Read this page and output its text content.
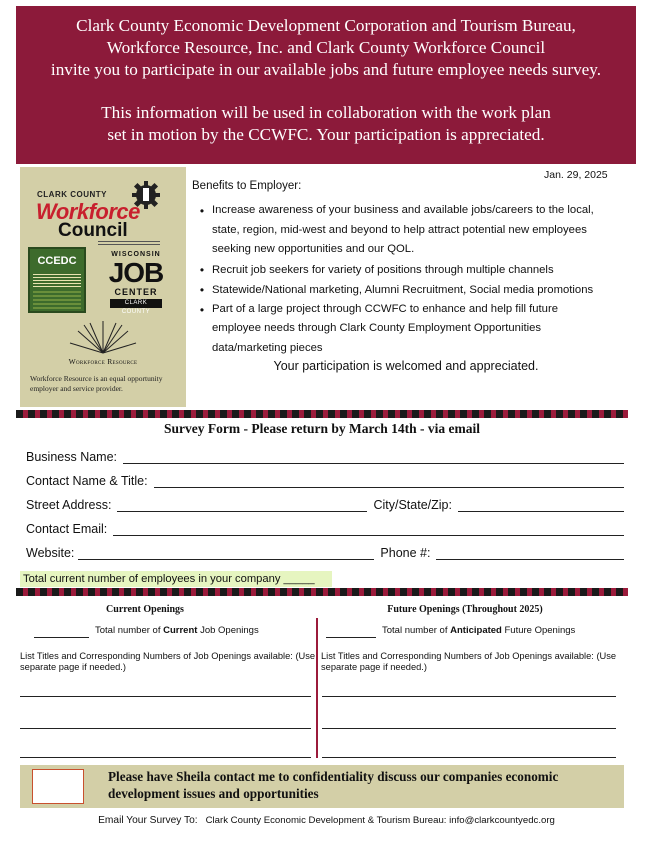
Clark County Economic Development Corporation and Tourism Bureau,
Workforce Resource, Inc. and Clark County Workforce Council
invite you to participate in our available jobs and future employee needs survey.
This information will be used in collaboration with the work plan
set in motion by the CCWFC. Your participation is appreciated.
CLARK COUNTY
Workforce
Council
CCEDC
WISCONSIN
JOB
CENTER
CLARK COUNTY
Workforce Resource
Workforce Resource is an equal opportunity employer and service provider.
Jan. 29, 2025
Benefits to Employer:
• Increase awareness of your business and available jobs/careers to the local, state, region, mid-west and beyond to help attract potential new employees seeking new opportunities and our QOL.
• Recruit job seekers for variety of positions through multiple channels
• Statewide/National marketing, Alumni Recruitment, Social media promotions
• Part of a large project through CCWFC to enhance and help fill future employee needs through Clark County Employment Opportunities data/marketing pieces
Your participation is welcomed and appreciated.
Survey Form - Please return by March 14th - via email
Business Name:
Contact Name & Title:
Street Address:	City/State/Zip:
Contact Email:
Website:	Phone #:
Total current number of employees in your company _____
Current Openings
Total number of Current Job Openings
List Titles and Corresponding Numbers of Job Openings available: (Use separate page if needed.)
Future Openings (Throughout 2025)
Total number of Anticipated Future Openings
List Titles and Corresponding Numbers of Job Openings available: (Use separate page if needed.)
Please have Sheila contact me to confidentiality discuss our companies economic development issues and opportunities
Email Your Survey To: Clark County Economic Development & Tourism Bureau: info@clarkcountyedc.org
